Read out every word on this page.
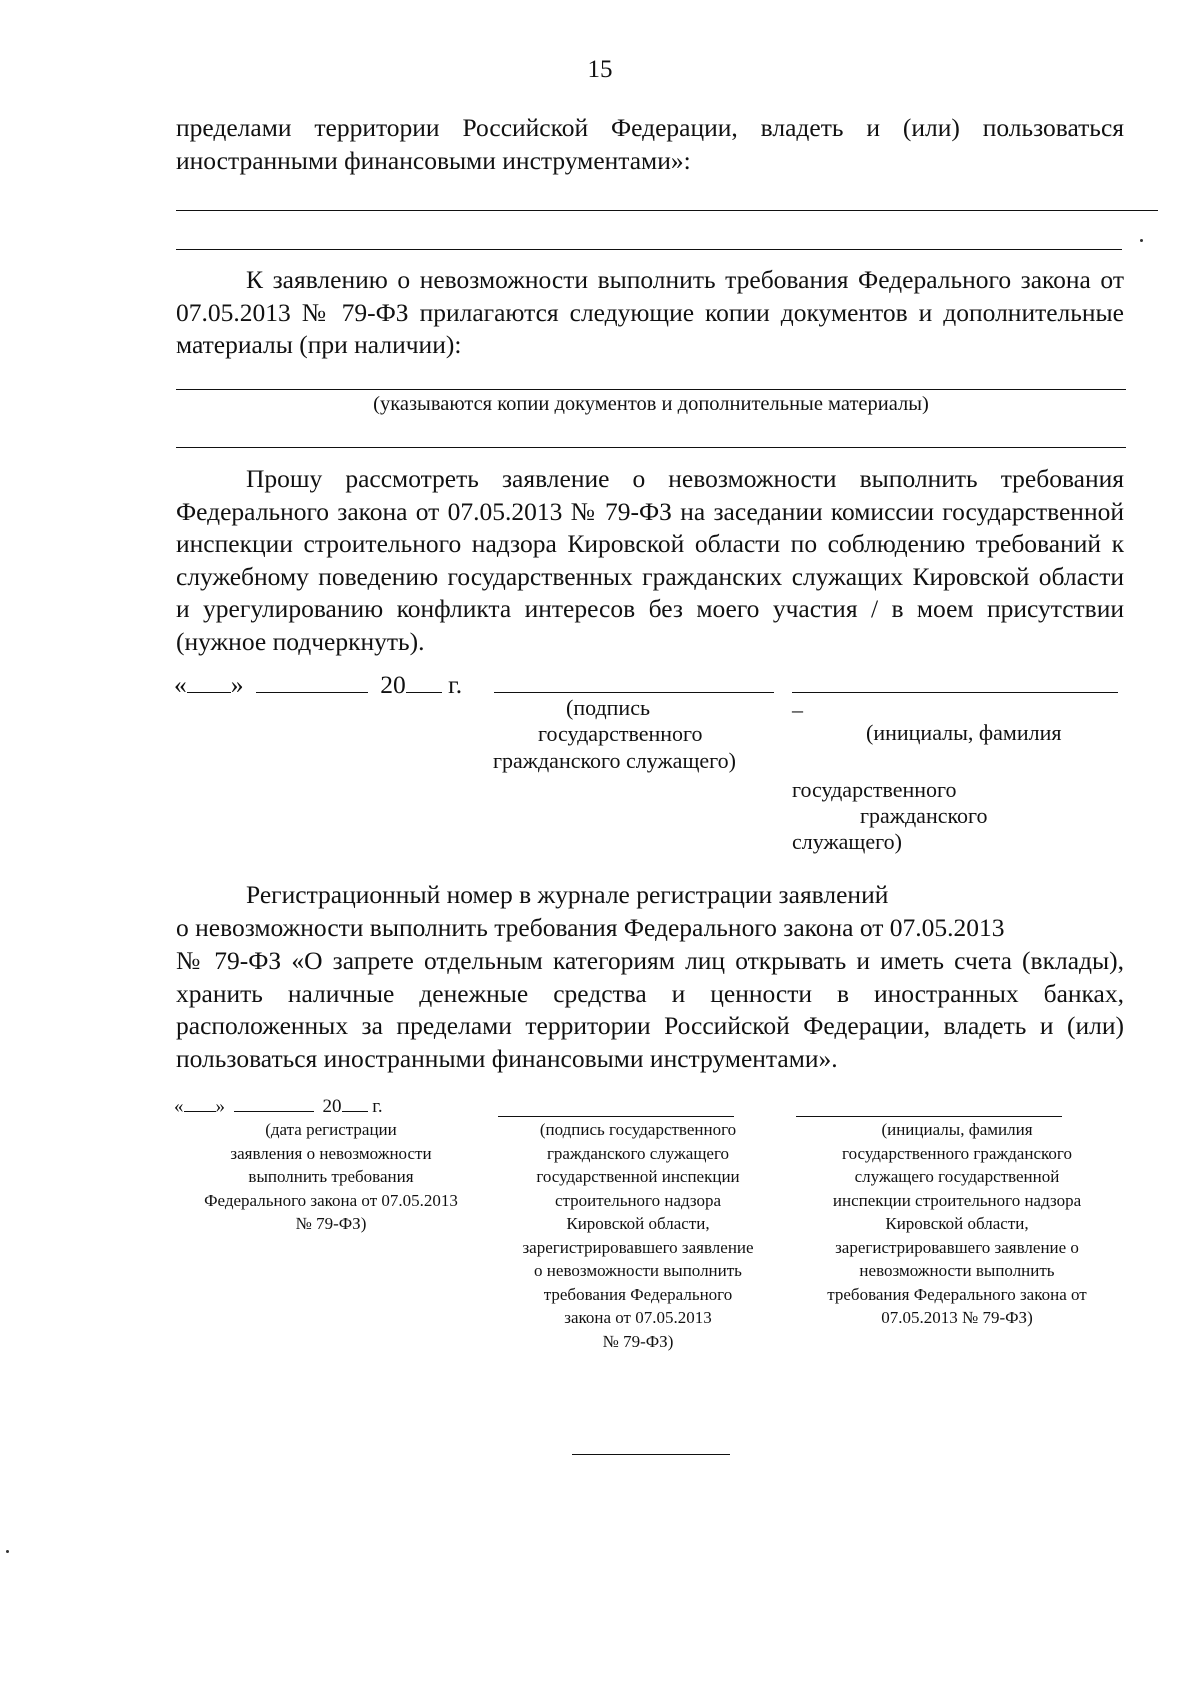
15
пределами территории Российской Федерации, владеть и (или) пользоваться иностранными финансовыми инструментами»:
К заявлению о невозможности выполнить требования Федерального закона от 07.05.2013 № 79-ФЗ прилагаются следующие копии документов и дополнительные материалы (при наличии):
(указываются копии документов и дополнительные материалы)
Прошу рассмотреть заявление о невозможности выполнить требования Федерального закона от 07.05.2013 № 79-ФЗ на заседании комиссии государственной инспекции строительного надзора Кировской области по соблюдению требований к служебному поведению государственных гражданских служащих Кировской области и урегулированию конфликта интересов без моего участия / в моем присутствии (нужное подчеркнуть).
« »	20 г.
(подпись
государственного
гражданского служащего)
–
(инициалы, фамилия
государственного
гражданского
служащего)
Регистрационный номер в журнале регистрации заявлений
о невозможности выполнить требования Федерального закона от 07.05.2013
№ 79-ФЗ «О запрете отдельным категориям лиц открывать и иметь счета (вклады), хранить наличные денежные средства и ценности в иностранных банках, расположенных за пределами территории Российской Федерации, владеть и (или) пользоваться иностранными финансовыми инструментами».
« »	20 г.
(дата регистрации
заявления о невозможности
выполнить требования
Федерального закона от 07.05.2013
№ 79-ФЗ)
(подпись государственного
гражданского служащего
государственной инспекции
строительного надзора
Кировской области,
зарегистрировавшего заявление
о невозможности выполнить
требования Федерального
закона от 07.05.2013
№ 79-ФЗ)
(инициалы, фамилия
государственного гражданского
служащего государственной
инспекции строительного надзора
Кировской области,
зарегистрировавшего заявление о
невозможности выполнить
требования Федерального закона от
07.05.2013 № 79-ФЗ)
